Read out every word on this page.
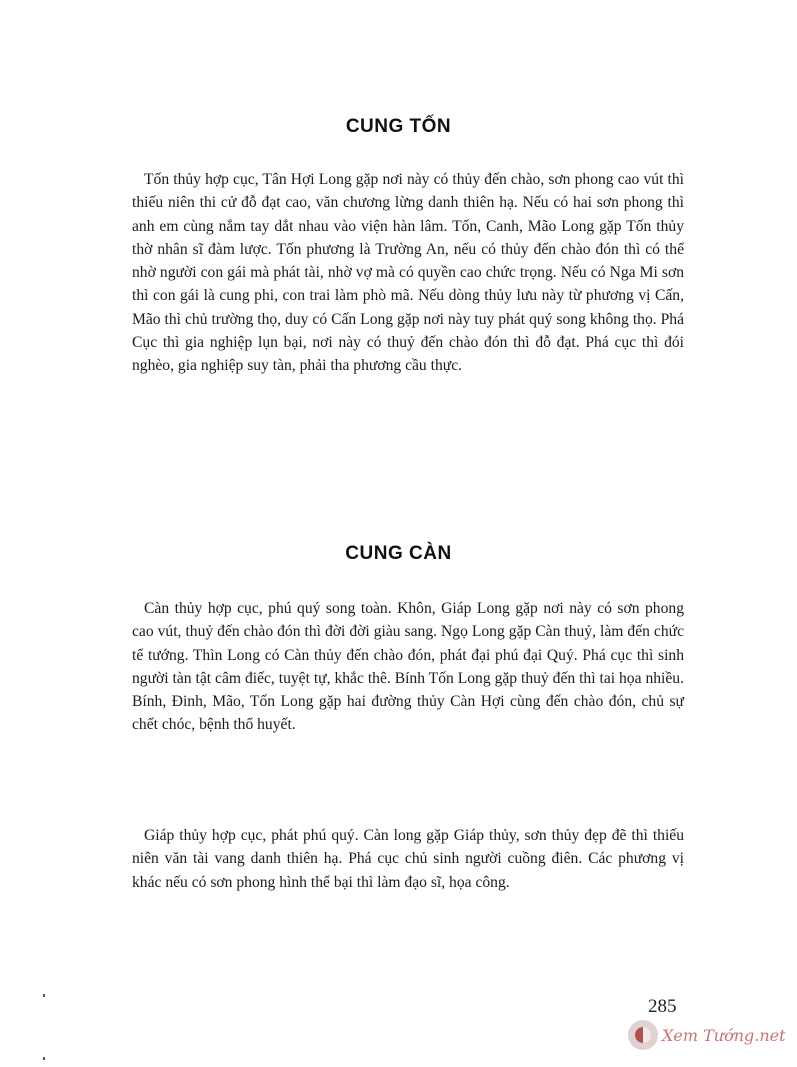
CUNG TỐN

Tốn thủy hợp cục, Tân Hợi Long gặp nơi này có thủy đến chào, sơn phong cao vút thì thiếu niên thi cử đỗ đạt cao, văn chương lừng danh thiên hạ. Nếu có hai sơn phong thì anh em cùng nắm tay dắt nhau vào viện hàn lâm. Tốn, Canh, Mão Long gặp Tốn thủy thờ nhân sĩ đàm lược. Tốn phương là Trường An, nếu có thủy đến chào đón thì có thể nhờ người con gái mà phát tài, nhờ vợ mà có quyền cao chức trọng. Nếu có Nga Mi sơn thì con gái là cung phi, con trai làm phò mã. Nếu dòng thủy lưu này từ phương vị Cấn, Mão thì chủ trường thọ, duy có Cấn Long gặp nơi này tuy phát quý song không thọ. Phá Cục thì gia nghiệp lụn bại, nơi này có thuỷ đến chào đón thì đỗ đạt. Phá cục thì đói nghèo, gia nghiệp suy tàn, phải tha phương cầu thực.

CUNG CÀN

Càn thủy hợp cục, phú quý song toàn. Khôn, Giáp Long gặp nơi này có sơn phong cao vút, thuỷ đến chào đón thì đời đời giàu sang. Ngọ Long gặp Càn thuỷ, làm đến chức tể tướng. Thìn Long có Càn thủy đến chào đón, phát đại phú đại Quý. Phá cục thì sinh người tàn tật câm điếc, tuyệt tự, khắc thê. Bính Tốn Long gặp thuỷ đến thì tai họa nhiều. Bính, Đinh, Mão, Tốn Long gặp hai đường thủy Càn Hợi cùng đến chào đón, chủ sự chết chóc, bệnh thổ huyết.

Giáp thủy hợp cục, phát phú quý. Càn long gặp Giáp thủy, sơn thủy đẹp đẽ thì thiếu niên văn tài vang danh thiên hạ. Phá cục chủ sinh người cuồng điên. Các phương vị khác nếu có sơn phong hình thể bại thì làm đạo sĩ, họa công.

285
Xem Tướng.net
